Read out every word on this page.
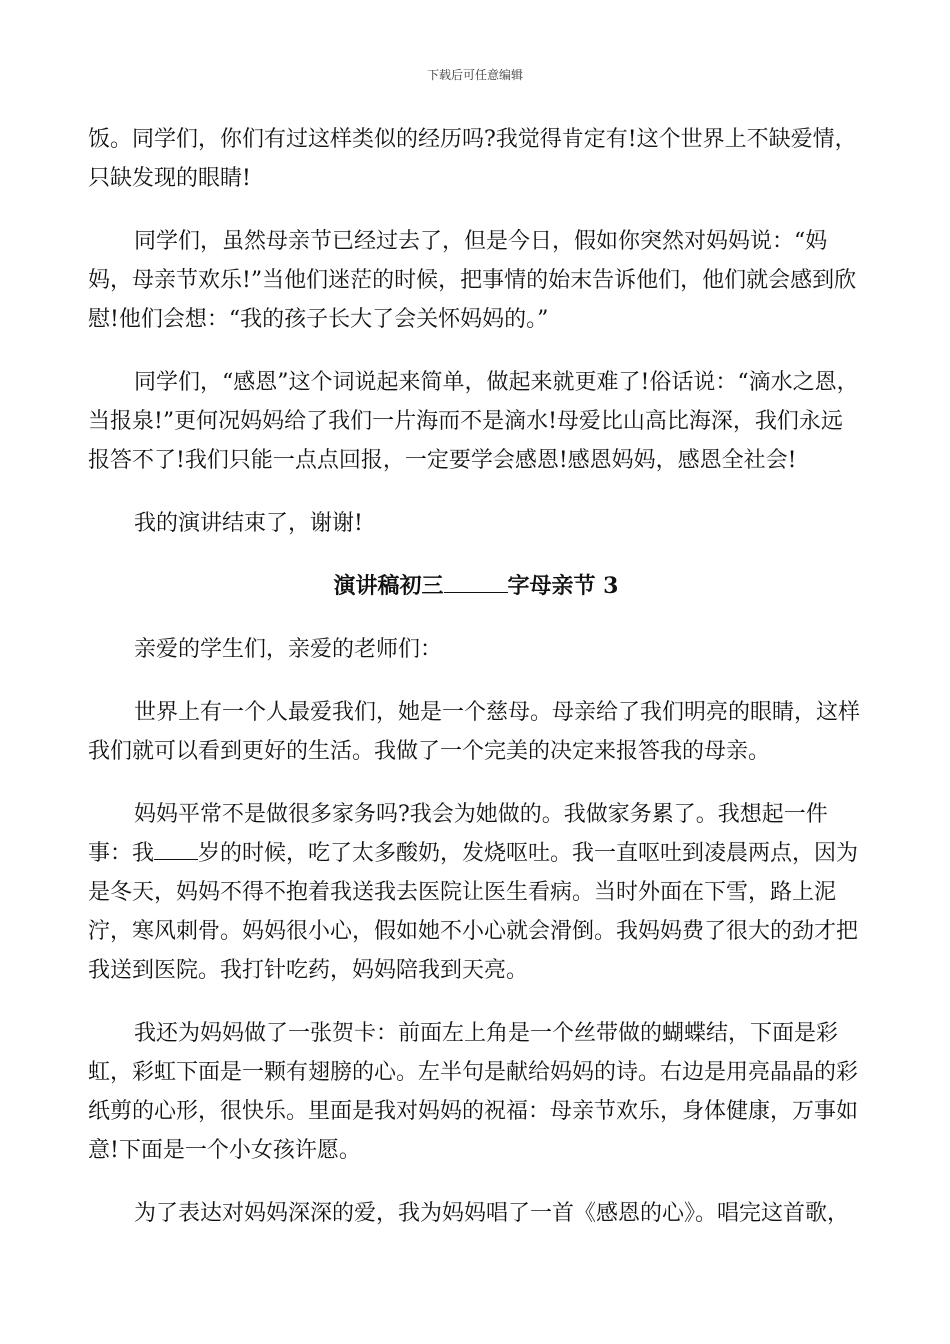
下载后可任意编辑

饭。同学们，你们有过这样类似的经历吗?我觉得肯定有!这个世界上不缺爱情，只缺发现的眼睛!

同学们，虽然母亲节已经过去了，但是今日，假如你突然对妈妈说：“妈妈，母亲节欢乐!”当他们迷茫的时候，把事情的始末告诉他们，他们就会感到欣慰!他们会想：“我的孩子长大了会关怀妈妈的。”

同学们，“感恩”这个词说起来简单，做起来就更难了!俗话说：“滴水之恩，当报泉!”更何况妈妈给了我们一片海而不是滴水!母爱比山高比海深，我们永远报答不了!我们只能一点点回报，一定要学会感恩!感恩妈妈，感恩全社会!

我的演讲结束了，谢谢!

演讲稿初三	字母亲节 3

亲爱的学生们，亲爱的老师们：

世界上有一个人最爱我们，她是一个慈母。母亲给了我们明亮的眼睛，这样我们就可以看到更好的生活。我做了一个完美的决定来报答我的母亲。

妈妈平常不是做很多家务吗?我会为她做的。我做家务累了。我想起一件事：我 岁的时候，吃了太多酸奶，发烧呕吐。我一直呕吐到凌晨两点，因为是冬天，妈妈不得不抱着我送我去医院让医生看病。当时外面在下雪，路上泥泞，寒风刺骨。妈妈很小心，假如她不小心就会滑倒。我妈妈费了很大的劲才把我送到医院。我打针吃药，妈妈陪我到天亮。

我还为妈妈做了一张贺卡：前面左上角是一个丝带做的蝴蝶结，下面是彩虹，彩虹下面是一颗有翅膀的心。左半句是献给妈妈的诗。右边是用亮晶晶的彩纸剪的心形，很快乐。里面是我对妈妈的祝福：母亲节欢乐，身体健康，万事如意!下面是一个小女孩许愿。

为了表达对妈妈深深的爱，我为妈妈唱了一首《感恩的心》。唱完这首歌，
